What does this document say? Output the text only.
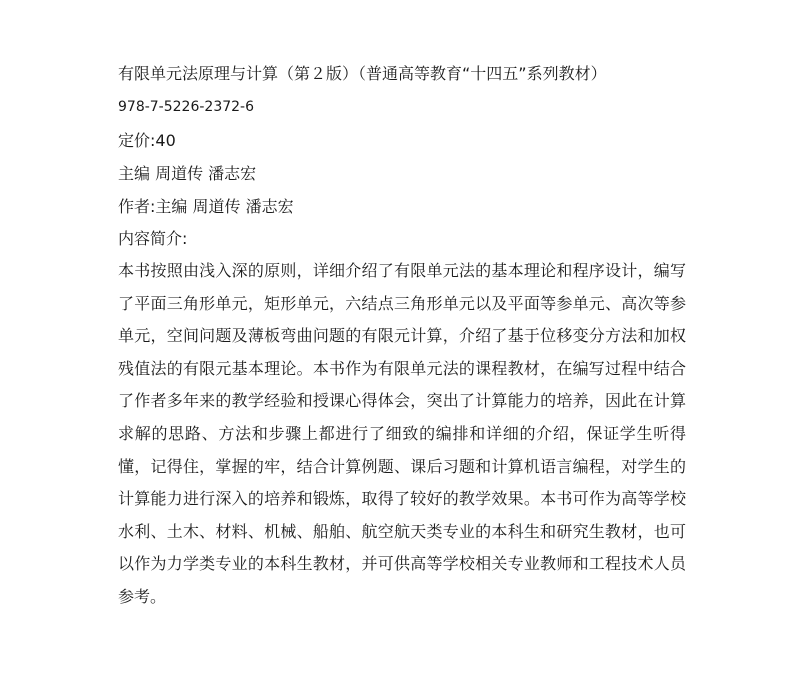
有限单元法原理与计算（第２版）（普通高等教育“十四五”系列教材）

978-7-5226-2372-6

定价:40

主编 周道传 潘志宏

作者:主编 周道传 潘志宏

内容简介:

本书按照由浅入深的原则，详细介绍了有限单元法的基本理论和程序设计，编写了平面三角形单元，矩形单元，六结点三角形单元以及平面等参单元、高次等参单元，空间问题及薄板弯曲问题的有限元计算，介绍了基于位移变分方法和加权残值法的有限元基本理论。本书作为有限单元法的课程教材，在编写过程中结合了作者多年来的教学经验和授课心得体会，突出了计算能力的培养，因此在计算求解的思路、方法和步骤上都进行了细致的编排和详细的介绍，保证学生听得懂，记得住，掌握的牢，结合计算例题、课后习题和计算机语言编程，对学生的计算能力进行深入的培养和锻炼，取得了较好的教学效果。本书可作为高等学校水利、土木、材料、机械、船舶、航空航天类专业的本科生和研究生教材，也可以作为力学类专业的本科生教材，并可供高等学校相关专业教师和工程技术人员参考。
